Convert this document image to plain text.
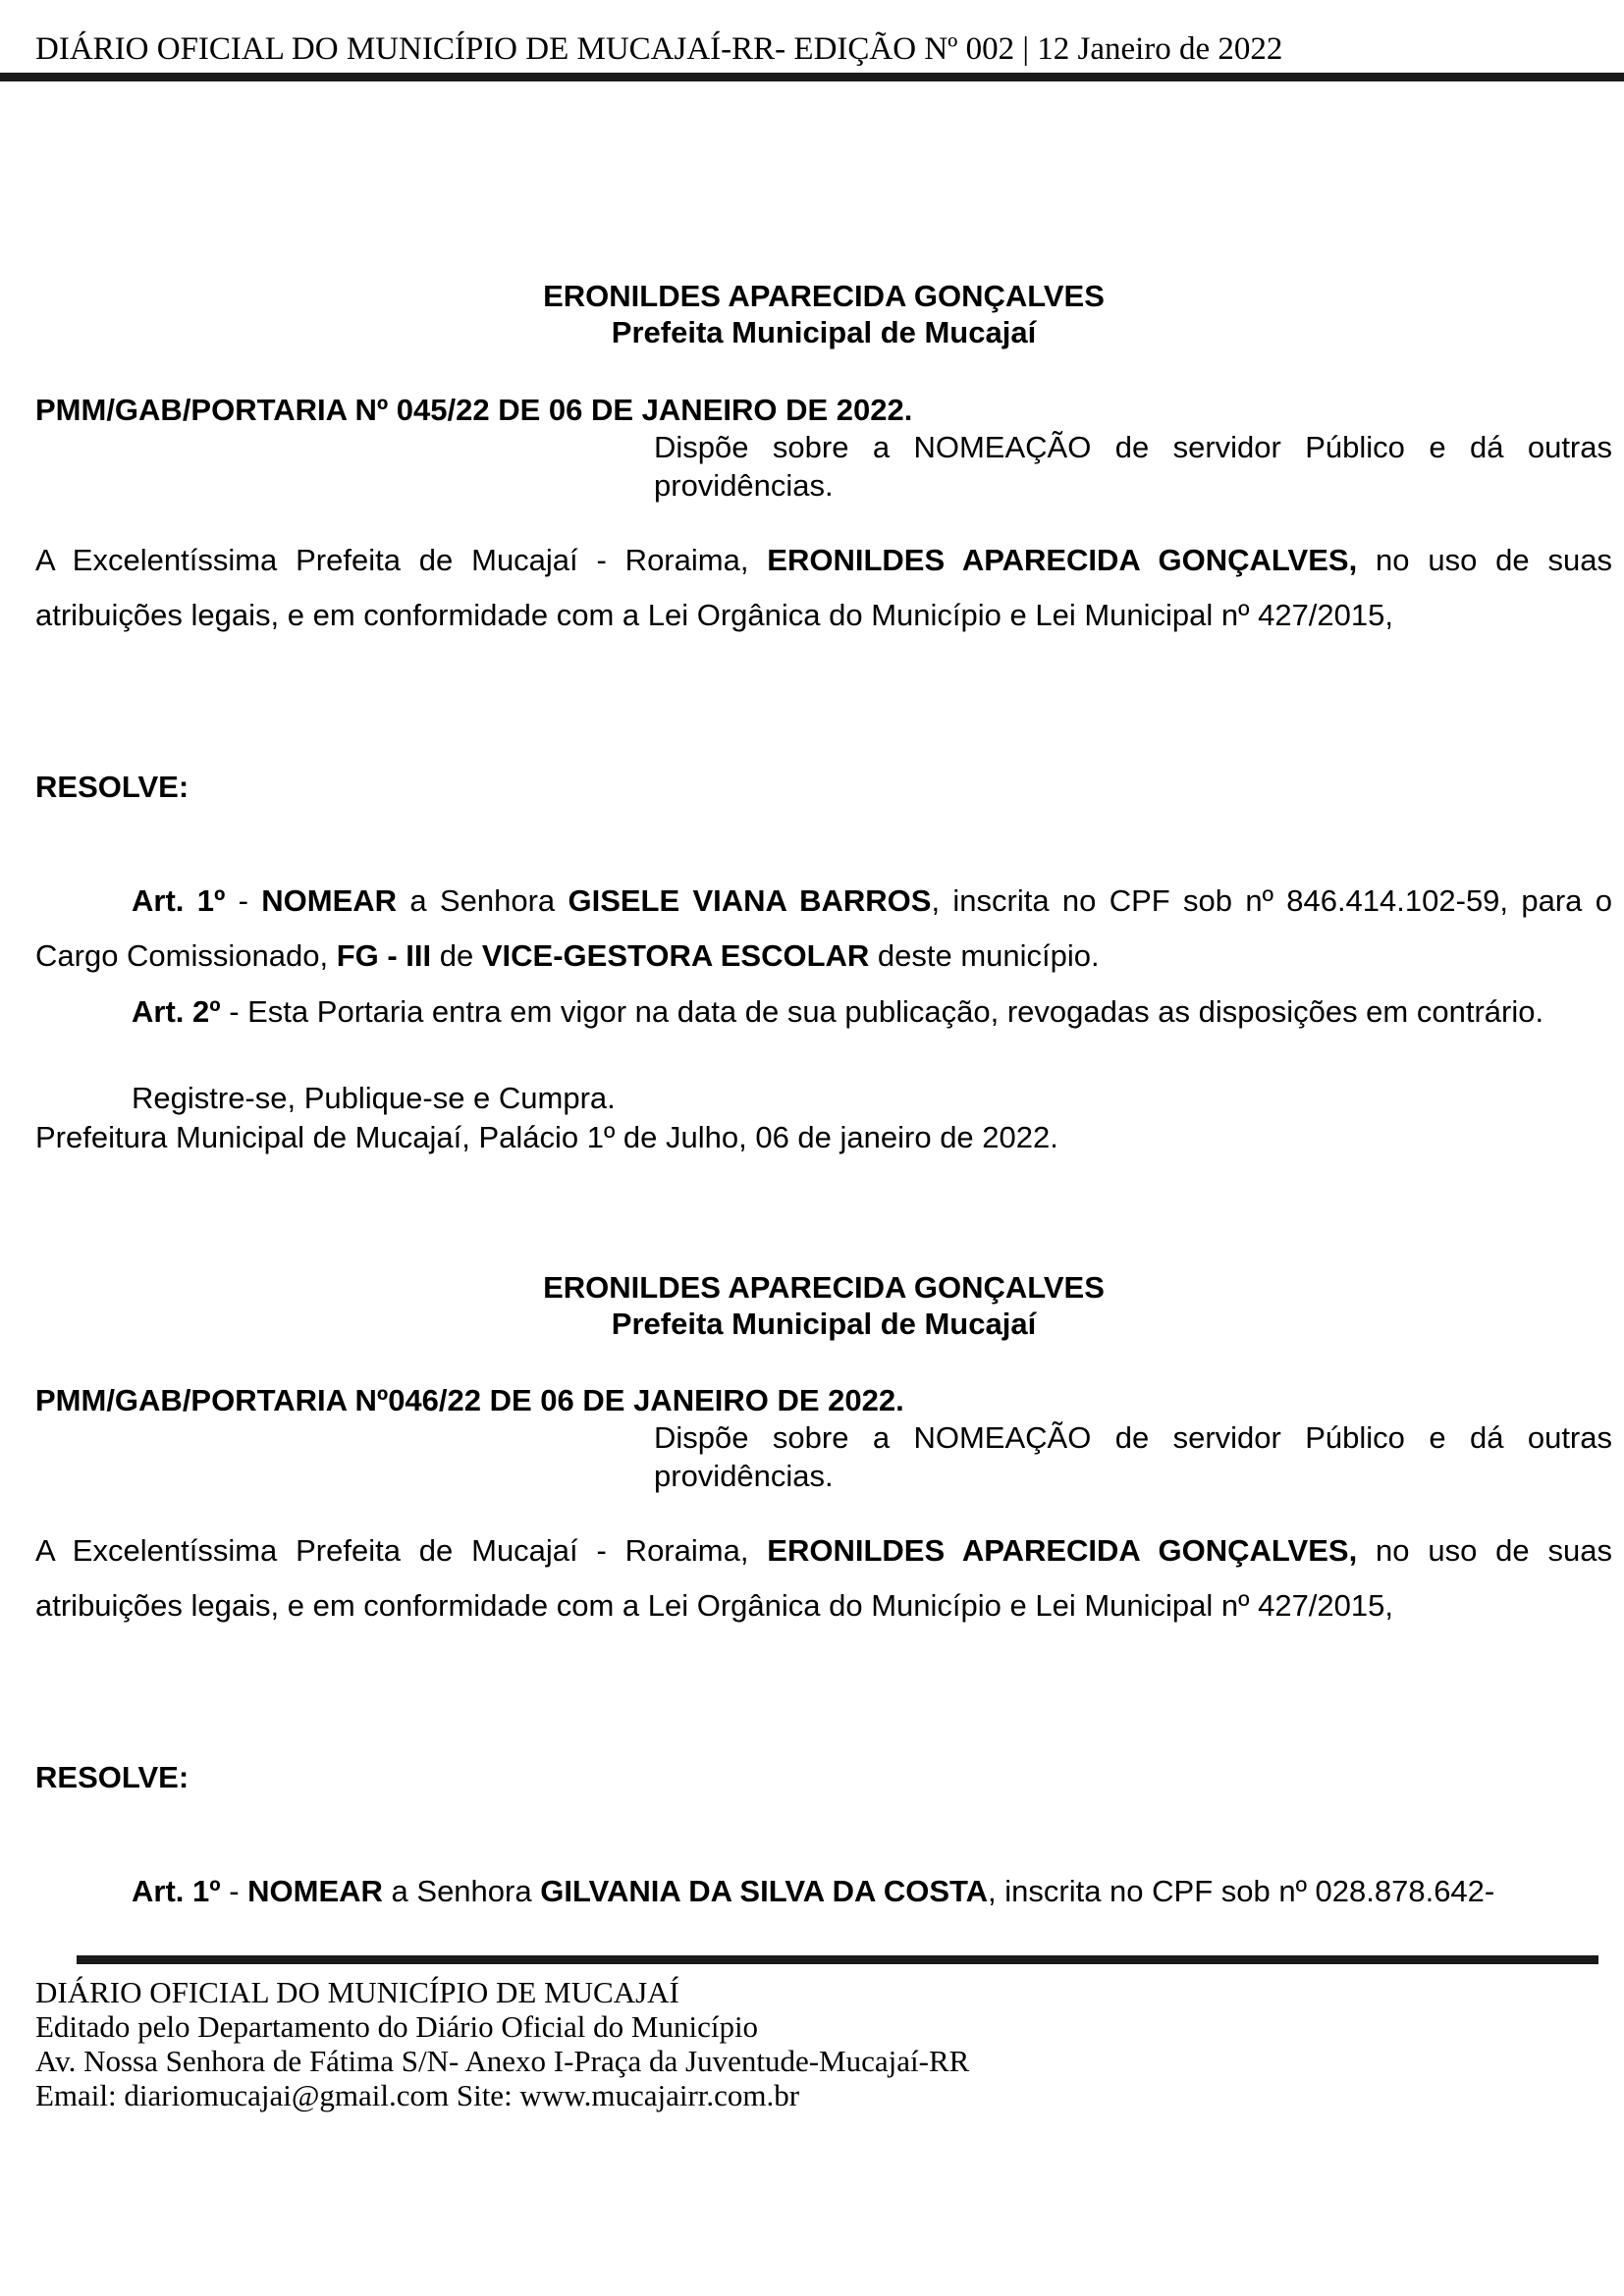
DIÁRIO OFICIAL DO MUNICÍPIO DE MUCAJAÍ-RR- EDIÇÃO Nº 002 | 12 Janeiro de 2022
ERONILDES APARECIDA GONÇALVES
Prefeita Municipal de Mucajaí
PMM/GAB/PORTARIA Nº 045/22 DE 06 DE JANEIRO DE 2022.
Dispõe sobre a NOMEAÇÃO de servidor Público e dá outras providências.
A Excelentíssima Prefeita de Mucajaí - Roraima, ERONILDES APARECIDA GONÇALVES, no uso de suas atribuições legais, e em conformidade com a Lei Orgânica do Município e Lei Municipal nº 427/2015,
RESOLVE:
Art. 1º - NOMEAR a Senhora GISELE VIANA BARROS, inscrita no CPF sob nº 846.414.102-59, para o Cargo Comissionado, FG - III de VICE-GESTORA ESCOLAR deste município.
Art. 2º - Esta Portaria entra em vigor na data de sua publicação, revogadas as disposições em contrário.
Registre-se, Publique-se e Cumpra.
Prefeitura Municipal de Mucajaí, Palácio 1º de Julho, 06 de janeiro de 2022.
ERONILDES APARECIDA GONÇALVES
Prefeita Municipal de Mucajaí
PMM/GAB/PORTARIA Nº046/22 DE 06 DE JANEIRO DE 2022.
Dispõe sobre a NOMEAÇÃO de servidor Público e dá outras providências.
A Excelentíssima Prefeita de Mucajaí - Roraima, ERONILDES APARECIDA GONÇALVES, no uso de suas atribuições legais, e em conformidade com a Lei Orgânica do Município e Lei Municipal nº 427/2015,
RESOLVE:
Art. 1º - NOMEAR a Senhora GILVANIA DA SILVA DA COSTA, inscrita no CPF sob nº 028.878.642-
DIÁRIO OFICIAL DO MUNICÍPIO DE MUCAJAÍ
Editado pelo Departamento do Diário Oficial do Município
Av. Nossa Senhora de Fátima S/N- Anexo I-Praça da Juventude-Mucajaí-RR
Email: diariomucajai@gmail.com Site: www.mucajairr.com.br
